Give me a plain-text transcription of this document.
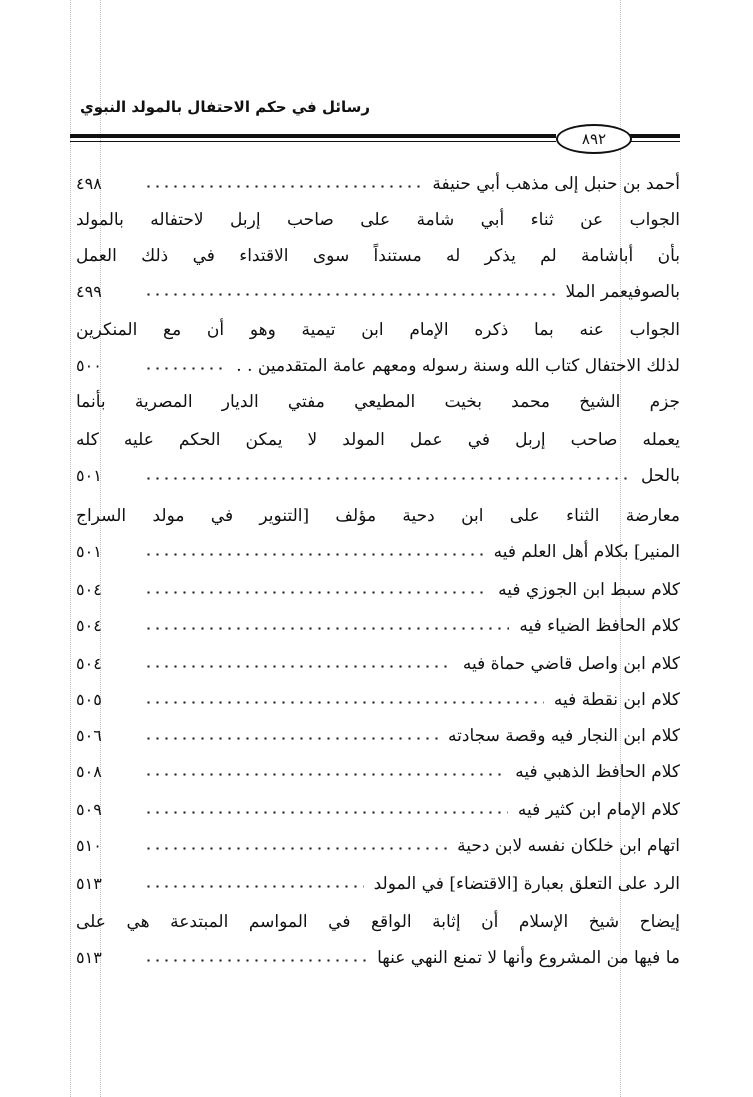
رسائل في حكم الاحتفال بالمولد النبوي
٨٩٢
أحمد بن حنبل إلى مذهب أبي حنيفة
٤٩٨
الجواب عن ثناء أبي شامة على صاحب إربل لاحتفاله بالمولد
بأن أباشامة لم يذكر له مستنداً سوى الاقتداء في ذلك العمل
بالصوفيعمر الملا
٤٩٩
الجواب عنه بما ذكره الإمام ابن تيمية وهو أن مع المنكرين
لذلك الاحتفال كتاب الله وسنة رسوله ومعهم عامة المتقدمين . .
٥٠٠
جزم الشيخ محمد بخيت المطيعي مفتي الديار المصرية بأنما
يعمله صاحب إربل في عمل المولد لا يمكن الحكم عليه كله
بالحل
٥٠١
معارضة الثناء على ابن دحية مؤلف [التنوير في مولد السراج
المنير] بكلام أهل العلم فيه
٥٠١
كلام سبط ابن الجوزي فيه
٥٠٤
كلام الحافظ الضياء فيه
٥٠٤
كلام ابن واصل قاضي حماة فيه
٥٠٤
كلام ابن نقطة فيه
٥٠٥
كلام ابن النجار فيه وقصة سجادته
٥٠٦
كلام الحافظ الذهبي فيه
٥٠٨
كلام الإمام ابن كثير فيه
٥٠٩
اتهام ابن خلكان نفسه لابن دحية
٥١٠
الرد على التعلق بعبارة [الاقتضاء] في المولد
٥١٣
إيضاح شيخ الإسلام أن إثابة الواقع في المواسم المبتدعة هي على
ما فيها من المشروع وأنها لا تمنع النهي عنها
٥١٣
